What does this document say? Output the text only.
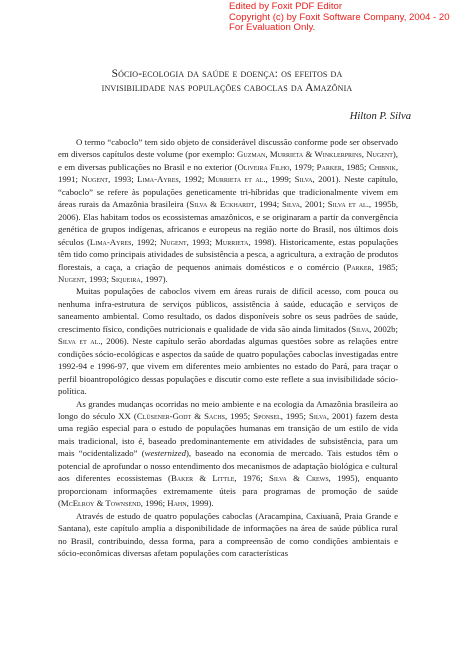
Edited by Foxit PDF Editor
Copyright (c) by Foxit Software Company, 2004 - 20
For Evaluation Only.
Sócio-ecologia da saúde e doença: os efeitos da
invisibilidade nas populações caboclas da Amazônia
Hilton P. Silva

O termo “caboclo” tem sido objeto de considerável discussão conforme pode ser observado em diversos capítulos deste volume (por exemplo: Guzman, Murrieta & Winklerprins, Nugent), e em diversas publicações no Brasil e no exterior (Oliveira Filho, 1979; Parker, 1985; Chibnik, 1991; Nugent, 1993; Lima-Ayres, 1992; Murrieta et al., 1999; Silva, 2001). Neste capítulo, “caboclo” se refere às populações geneticamente tri-híbridas que tradicionalmente vivem em áreas rurais da Amazônia brasileira (Silva & Eckhardt, 1994; Silva, 2001; Silva et al., 1995b, 2006). Elas habitam todos os ecossistemas amazônicos, e se originaram a partir da convergência genética de grupos indígenas, africanos e europeus na região norte do Brasil, nos últimos dois séculos (Lima-Ayres, 1992; Nugent, 1993; Murrieta, 1998). Historicamente, estas populações têm tido como principais atividades de subsistência a pesca, a agricultura, a extração de produtos florestais, a caça, a criação de pequenos animais domésticos e o comércio (Parker, 1985; Nugent, 1993; Siqueira, 1997).

Muitas populações de caboclos vivem em áreas rurais de difícil acesso, com pouca ou nenhuma infra-estrutura de serviços públicos, assistência à saúde, educação e serviços de saneamento ambiental. Como resultado, os dados disponíveis sobre os seus padrões de saúde, crescimento físico, condições nutricionais e qualidade de vida são ainda limitados (Silva, 2002b; Silva et al., 2006). Neste capítulo serão abordadas algumas questões sobre as relações entre condições sócio-ecológicas e aspectos da saúde de quatro populações caboclas investigadas entre 1992-94 e 1996-97, que vivem em diferentes meio ambientes no estado do Pará, para traçar o perfil bioantropológico dessas populações e discutir como este reflete a sua invisibilidade sócio-política.

As grandes mudanças ocorridas no meio ambiente e na ecologia da Amazônia brasileira ao longo do século XX (Clüsener-Godt & Sachs, 1995; Sponsel, 1995; Silva, 2001) fazem desta uma região especial para o estudo de populações humanas em transição de um estilo de vida mais tradicional, isto é, baseado predominantemente em atividades de subsistência, para um mais “ocidentalizado” (westernized), baseado na economia de mercado. Tais estudos têm o potencial de aprofundar o nosso entendimento dos mecanismos de adaptação biológica e cultural aos diferentes ecossistemas (Baker & Little, 1976; Silva & Crews, 1995), enquanto proporcionam informações extremamente úteis para programas de promoção de saúde (McElroy & Townsend, 1996; Hahn, 1999).

Através de estudo de quatro populações caboclas (Aracampina, Caxiuanã, Praia Grande e Santana), este capítulo amplia a disponibilidade de informações na área de saúde pública rural no Brasil, contribuindo, dessa forma, para a compreensão de como condições ambientais e sócio-econômicas diversas afetam populações com características
